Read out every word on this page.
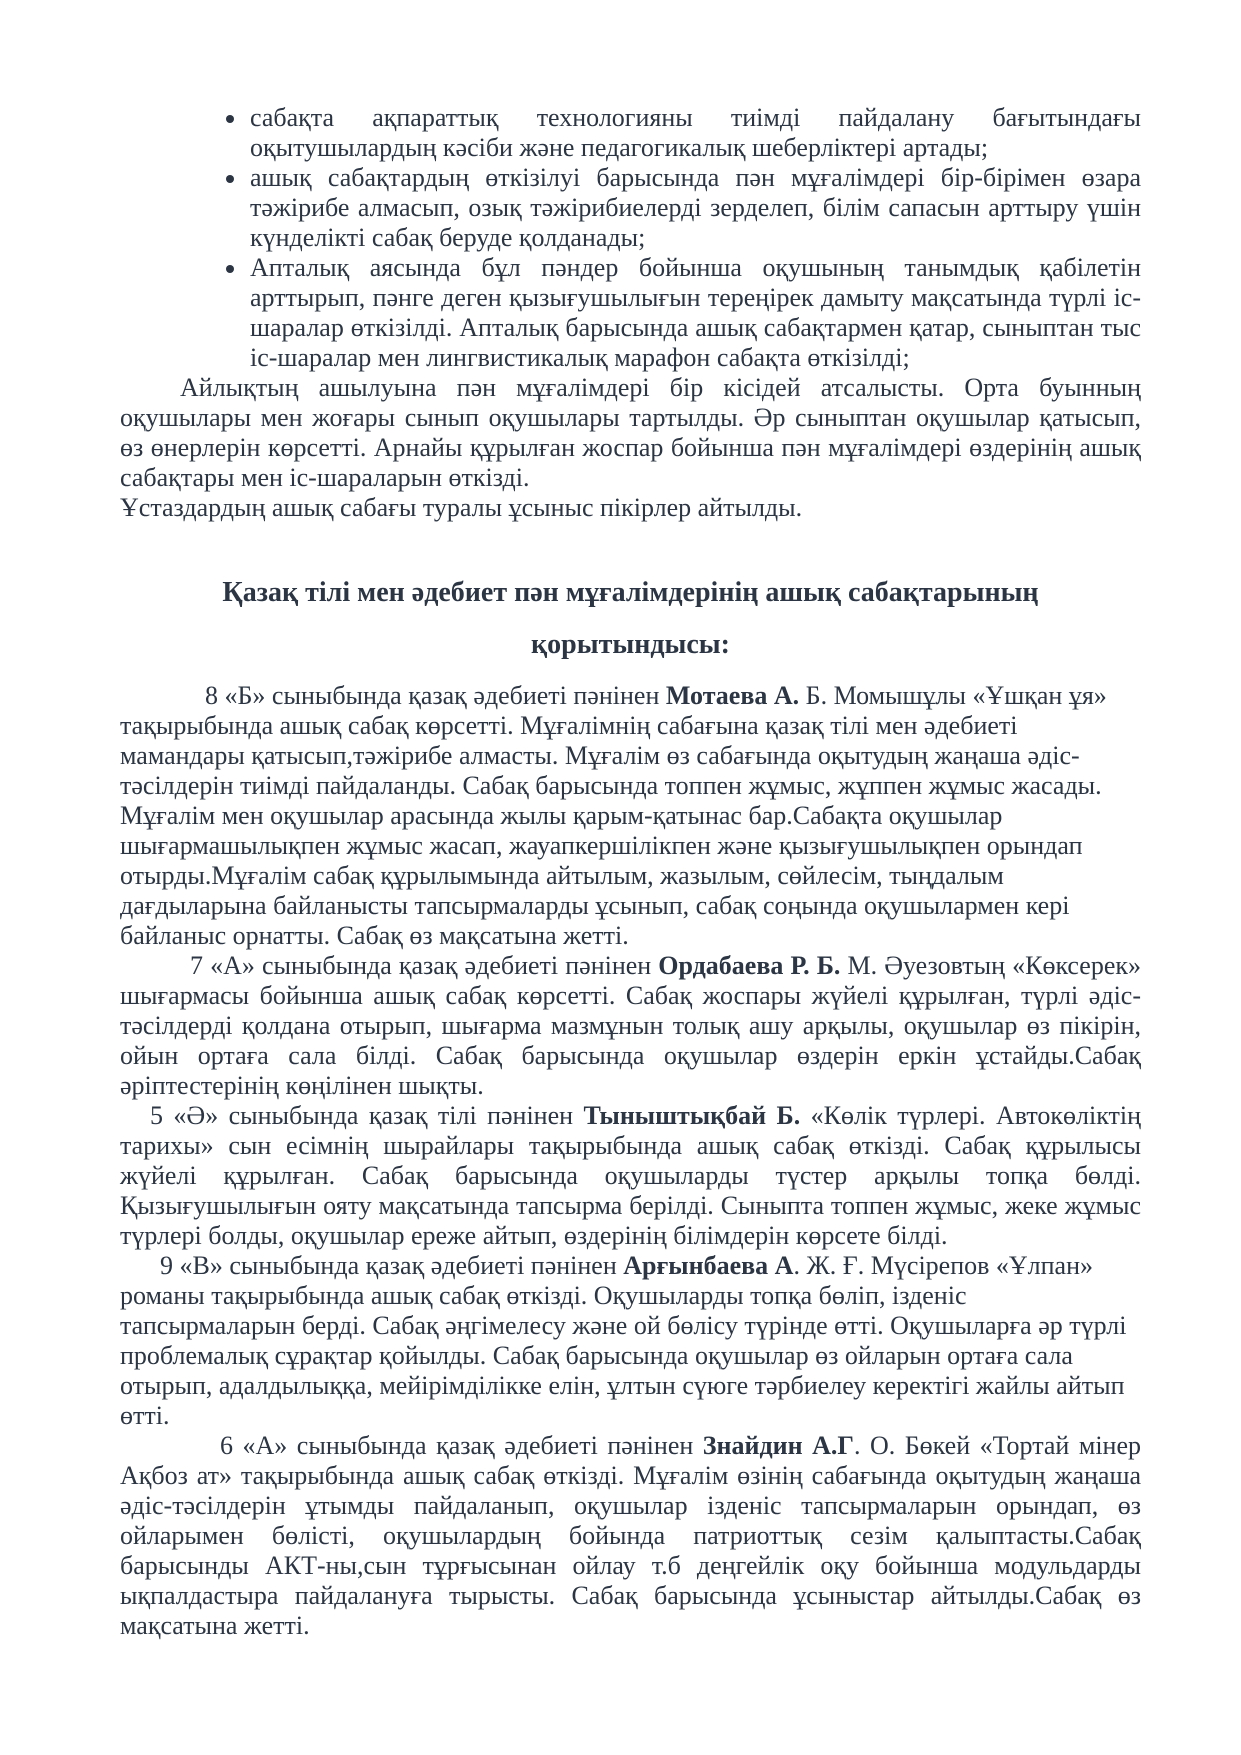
• сабақта ақпараттық технологияны тиімді пайдалану бағытындағы оқытушылардың кәсіби және педагогикалық шеберліктері артады;
• ашық сабақтардың өткізілуі барысында пән мұғалімдері бір-бірімен өзара тәжірибе алмасып, озық тәжірибиелерді зерделеп, білім сапасын арттыру үшін күнделікті сабақ беруде қолданады;
• Апталық аясында бұл пәндер бойынша оқушының танымдық қабілетін арттырып, пәнге деген қызығушылығын тереңірек дамыту мақсатында түрлі іс-шаралар өткізілді. Апталық барысында ашық сабақтармен қатар, сыныптан тыс іс-шаралар мен лингвистикалық марафон сабақта өткізілді;

Айлықтың ашылуына пән мұғалімдері бір кісідей атсалысты. Орта буынның оқушылары мен жоғары сынып оқушылары тартылды. Әр сыныптан оқушылар қатысып, өз өнерлерін көрсетті. Арнайы құрылған жоспар бойынша пән мұғалімдері өздерінің ашық сабақтары мен іс-шараларын өткізді.

Ұстаздардың ашық сабағы туралы ұсыныс пікірлер айтылды.

Қазақ тілі мен әдебиет пән мұғалімдерінің ашық сабақтарының
қорытындысы:

8 «Б» сыныбында қазақ әдебиеті пәнінен Мотаева А. Б. Момышұлы «Ұшқан ұя» тақырыбында ашық сабақ көрсетті. Мұғалімнің сабағына қазақ тілі мен әдебиеті мамандары қатысып,тәжірибе алмасты. Мұғалім өз сабағында оқытудың жаңаша әдіс-тәсілдерін тиімді пайдаланды. Сабақ барысында топпен жұмыс, жұппен жұмыс жасады. Мұғалім мен оқушылар арасында жылы қарым-қатынас бар.Сабақта оқушылар шығармашылықпен жұмыс жасап, жауапкершілікпен және қызығушылықпен орындап отырды.Мұғалім сабақ құрылымында айтылым, жазылым, сөйлесім, тыңдалым дағдыларына байланысты тапсырмаларды ұсынып, сабақ соңында оқушылармен кері байланыс орнатты. Сабақ өз мақсатына жетті.

7 «А» сыныбында қазақ әдебиеті пәнінен Ордабаева Р. Б. М. Әуезовтың «Көксерек» шығармасы бойынша ашық сабақ көрсетті. Сабақ жоспары жүйелі құрылған, түрлі әдіс-тәсілдерді қолдана отырып, шығарма мазмұнын толық ашу арқылы, оқушылар өз пікірін, ойын ортаға сала білді. Сабақ барысында оқушылар өздерін еркін ұстайды.Сабақ әріптестерінің көңілінен шықты.

5 «Ә» сыныбында қазақ тілі пәнінен Тыныштықбай Б. «Көлік түрлері. Автокөліктің тарихы» сын есімнің шырайлары тақырыбында ашық сабақ өткізді. Сабақ құрылысы жүйелі құрылған. Сабақ барысында оқушыларды түстер арқылы топқа бөлді. Қызығушылығын ояту мақсатында тапсырма берілді. Сыныпта топпен жұмыс, жеке жұмыс түрлері болды, оқушылар ереже айтып, өздерінің білімдерін көрсете білді.

9 «В» сыныбында қазақ әдебиеті пәнінен Арғынбаева А. Ж. Ғ. Мүсірепов «Ұлпан» романы тақырыбында ашық сабақ өткізді. Оқушыларды топқа бөліп, ізденіс тапсырмаларын берді. Сабақ әңгімелесу және ой бөлісу түрінде өтті. Оқушыларға әр түрлі проблемалық сұрақтар қойылды. Сабақ барысында оқушылар өз ойларын ортаға сала отырып, адалдылыққа, мейірімділікке елін, ұлтын сүюге тәрбиелеу керектігі жайлы айтып өтті.

6 «А» сыныбында қазақ әдебиеті пәнінен Знайдин А.Г. О. Бөкей «Тортай мінер Ақбоз ат» тақырыбында ашық сабақ өткізді. Мұғалім өзінің сабағында оқытудың жаңаша әдіс-тәсілдерін ұтымды пайдаланып, оқушылар ізденіс тапсырмаларын орындап, өз ойларымен бөлісті, оқушылардың бойында патриоттық сезім қалыптасты.Сабақ барысынды АКТ-ны,сын тұрғысынан ойлау т.б деңгейлік оқу бойынша модульдарды ықпалдастыра пайдалануға тырысты. Сабақ барысында ұсыныстар айтылды.Сабақ өз мақсатына жетті.
